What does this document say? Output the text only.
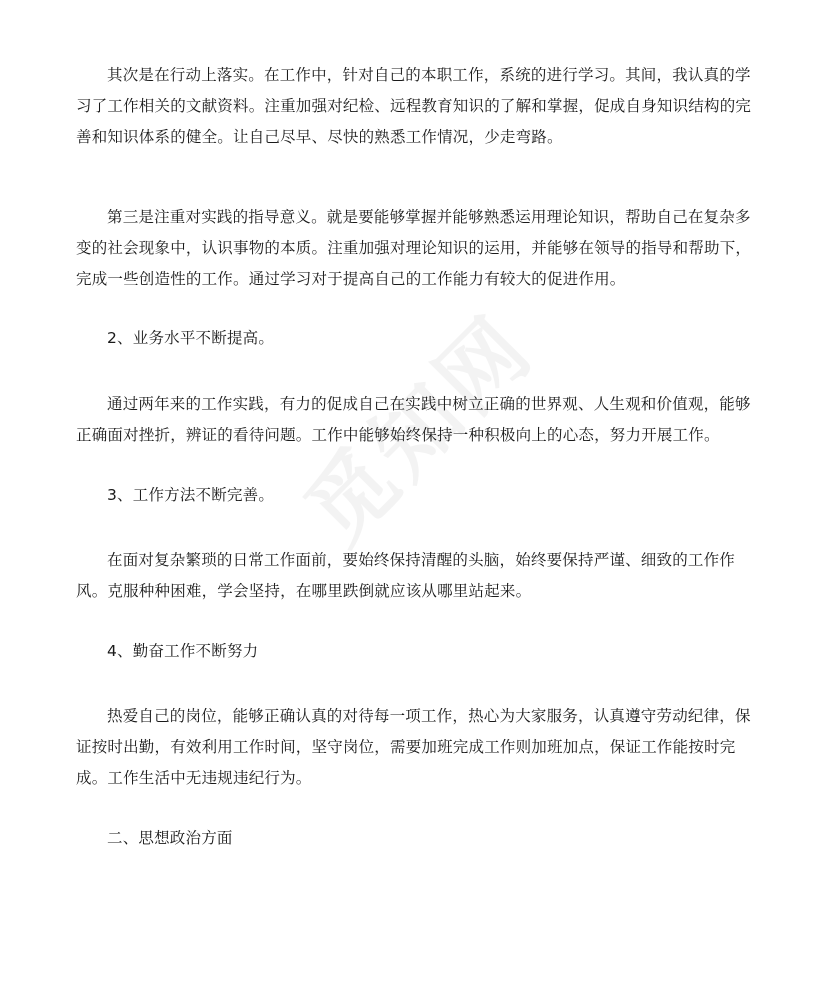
其次是在行动上落实。在工作中，针对自己的本职工作，系统的进行学习。其间，我认真的学习了工作相关的文献资料。注重加强对纪检、远程教育知识的了解和掌握，促成自身知识结构的完善和知识体系的健全。让自己尽早、尽快的熟悉工作情况，少走弯路。

第三是注重对实践的指导意义。就是要能够掌握并能够熟悉运用理论知识，帮助自己在复杂多变的社会现象中，认识事物的本质。注重加强对理论知识的运用，并能够在领导的指导和帮助下，完成一些创造性的工作。通过学习对于提高自己的工作能力有较大的促进作用。

2、业务水平不断提高。

通过两年来的工作实践，有力的促成自己在实践中树立正确的世界观、人生观和价值观，能够正确面对挫折，辨证的看待问题。工作中能够始终保持一种积极向上的心态，努力开展工作。

3、工作方法不断完善。

在面对复杂繁琐的日常工作面前，要始终保持清醒的头脑，始终要保持严谨、细致的工作作风。克服种种困难，学会坚持，在哪里跌倒就应该从哪里站起来。

4、勤奋工作不断努力

热爱自己的岗位，能够正确认真的对待每一项工作，热心为大家服务，认真遵守劳动纪律，保证按时出勤，有效利用工作时间，坚守岗位，需要加班完成工作则加班加点，保证工作能按时完成。工作生活中无违规违纪行为。

二、思想政治方面
